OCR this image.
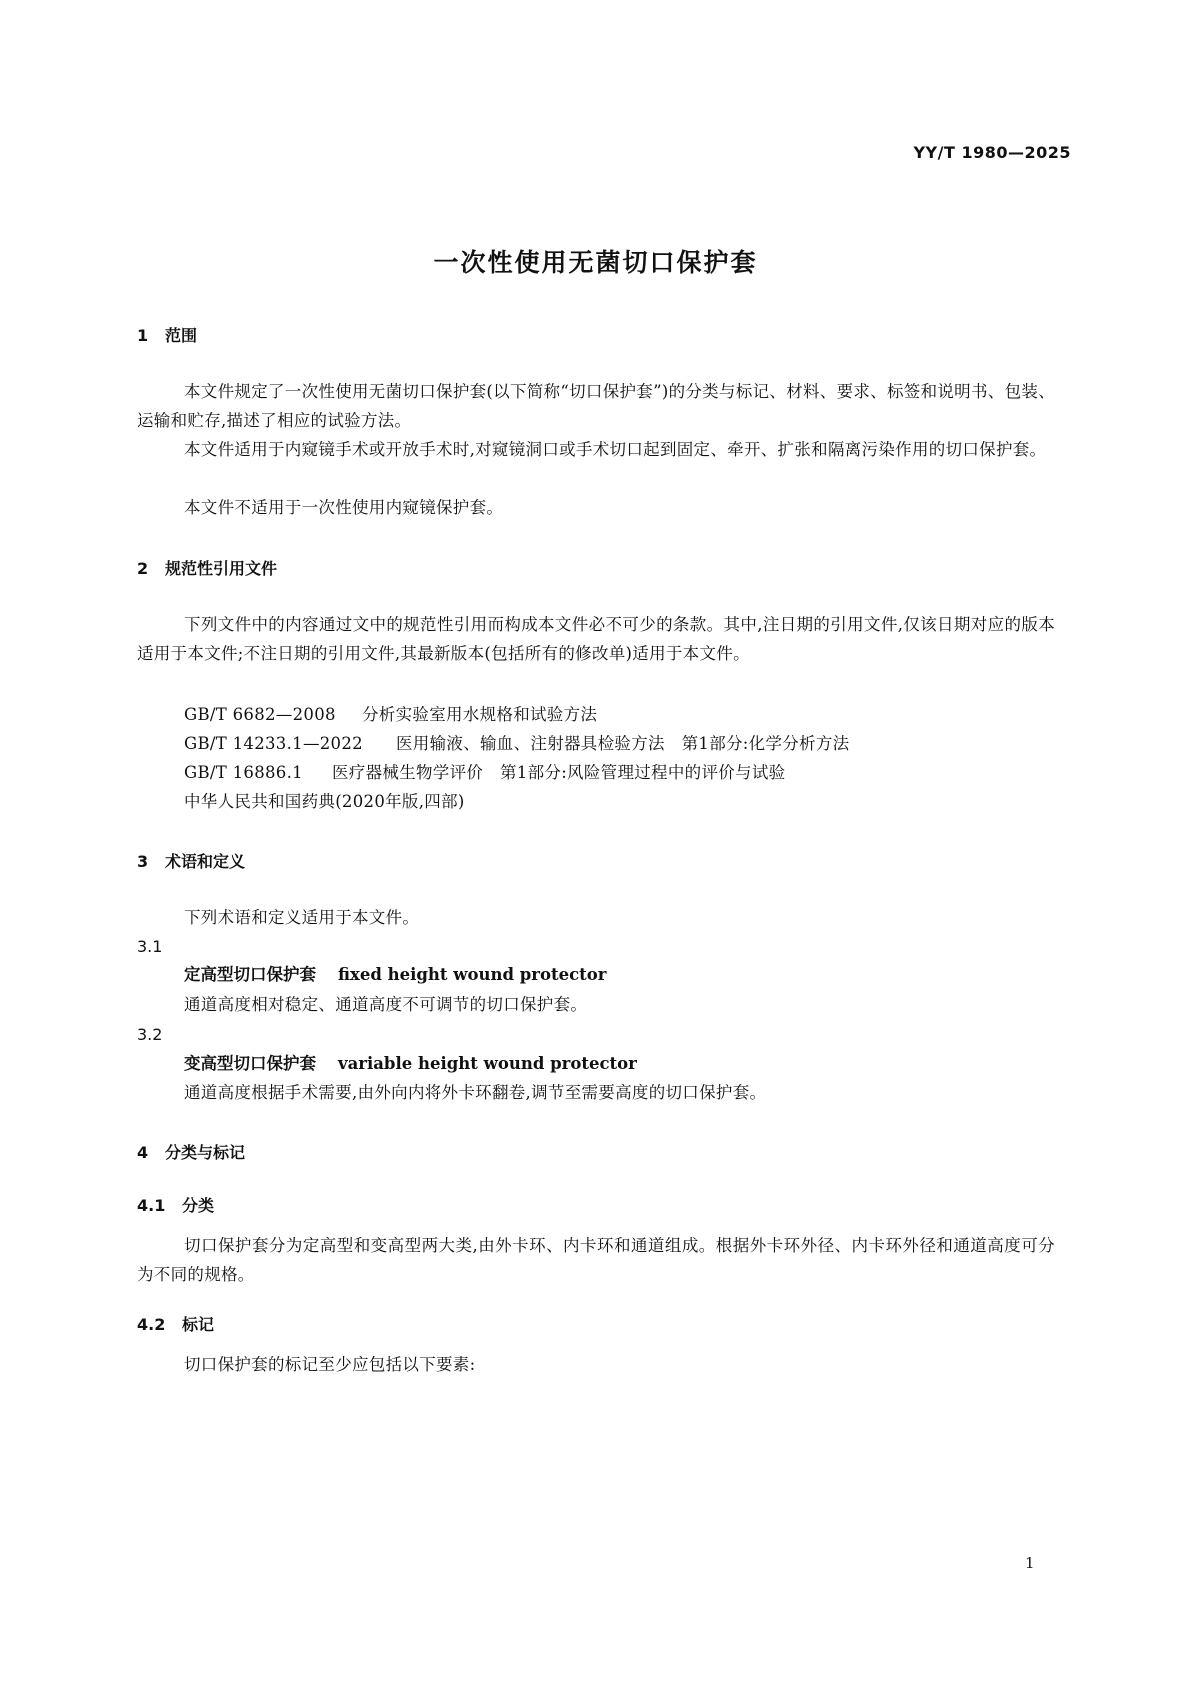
YY/T 1980—2025
一次性使用无菌切口保护套
1 范围
本文件规定了一次性使用无菌切口保护套(以下简称“切口保护套”)的分类与标记、材料、要求、标签和说明书、包装、运输和贮存,描述了相应的试验方法。
本文件适用于内窥镜手术或开放手术时,对窥镜洞口或手术切口起到固定、牵开、扩张和隔离污染作用的切口保护套。
本文件不适用于一次性使用内窥镜保护套。
2 规范性引用文件
下列文件中的内容通过文中的规范性引用而构成本文件必不可少的条款。其中,注日期的引用文件,仅该日期对应的版本适用于本文件;不注日期的引用文件,其最新版本(包括所有的修改单)适用于本文件。
GB/T 6682—2008 分析实验室用水规格和试验方法
GB/T 14233.1—2022 医用输液、输血、注射器具检验方法　第1部分:化学分析方法
GB/T 16886.1 医疗器械生物学评价　第1部分:风险管理过程中的评价与试验
中华人民共和国药典(2020年版,四部)
3 术语和定义
下列术语和定义适用于本文件。
3.1
定高型切口保护套 fixed height wound protector
通道高度相对稳定、通道高度不可调节的切口保护套。
3.2
变高型切口保护套 variable height wound protector
通道高度根据手术需要,由外向内将外卡环翻卷,调节至需要高度的切口保护套。
4 分类与标记
4.1 分类
切口保护套分为定高型和变高型两大类,由外卡环、内卡环和通道组成。根据外卡环外径、内卡环外径和通道高度可分为不同的规格。
4.2 标记
切口保护套的标记至少应包括以下要素:
1
